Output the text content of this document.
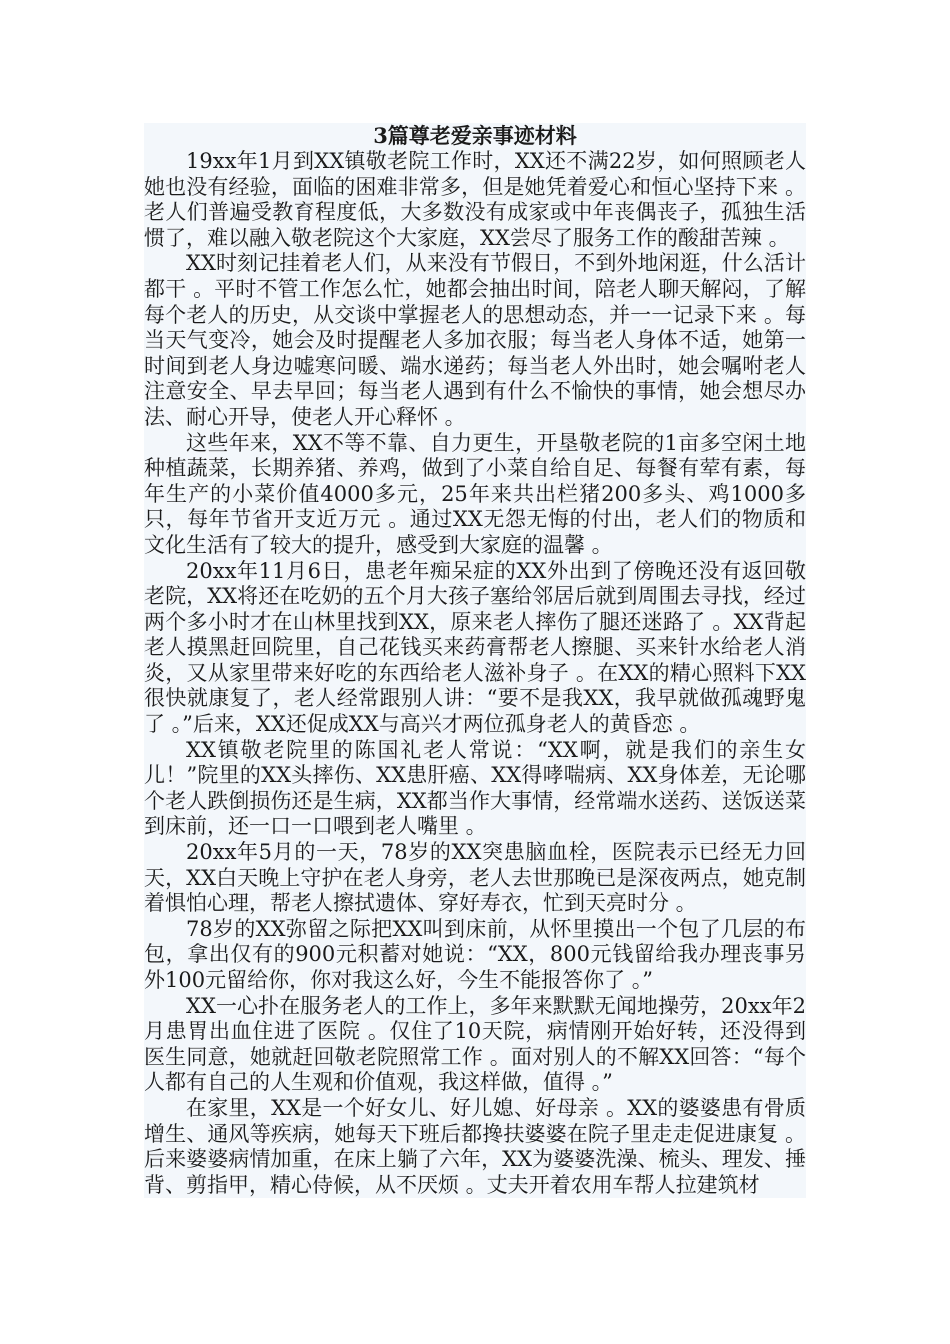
3篇尊老爱亲事迹材料

19xx年1月到XX镇敬老院工作时，XX还不满22岁，如何照顾老人她也没有经验，面临的困难非常多，但是她凭着爱心和恒心坚持下来 。老人们普遍受教育程度低，大多数没有成家或中年丧偶丧子，孤独生活惯了，难以融入敬老院这个大家庭，XX尝尽了服务工作的酸甜苦辣 。

XX时刻记挂着老人们，从来没有节假日，不到外地闲逛，什么活计都干 。平时不管工作怎么忙，她都会抽出时间，陪老人聊天解闷，了解每个老人的历史，从交谈中掌握老人的思想动态，并一一记录下来 。每当天气变冷，她会及时提醒老人多加衣服；每当老人身体不适，她第一时间到老人身边嘘寒问暖、端水递药；每当老人外出时，她会嘱咐老人注意安全、早去早回；每当老人遇到有什么不愉快的事情，她会想尽办法、耐心开导，使老人开心释怀 。

这些年来，XX不等不靠、自力更生，开垦敬老院的1亩多空闲土地种植蔬菜，长期养猪、养鸡，做到了小菜自给自足、每餐有荤有素，每年生产的小菜价值4000多元，25年来共出栏猪200多头、鸡1000多只，每年节省开支近万元 。通过XX无怨无悔的付出，老人们的物质和文化生活有了较大的提升，感受到大家庭的温馨 。

20xx年11月6日，患老年痴呆症的XX外出到了傍晚还没有返回敬老院，XX将还在吃奶的五个月大孩子塞给邻居后就到周围去寻找，经过两个多小时才在山林里找到XX，原来老人摔伤了腿还迷路了 。XX背起老人摸黑赶回院里，自己花钱买来药膏帮老人擦腿、买来针水给老人消炎，又从家里带来好吃的东西给老人滋补身子 。在XX的精心照料下XX很快就康复了，老人经常跟别人讲：“要不是我XX，我早就做孤魂野鬼了 。”后来，XX还促成XX与高兴才两位孤身老人的黄昏恋 。

XX镇敬老院里的陈国礼老人常说：“XX啊，就是我们的亲生女儿！”院里的XX头摔伤、XX患肝癌、XX得哮喘病、XX身体差，无论哪个老人跌倒损伤还是生病，XX都当作大事情，经常端水送药、送饭送菜到床前，还一口一口喂到老人嘴里 。

20xx年5月的一天，78岁的XX突患脑血栓，医院表示已经无力回天，XX白天晚上守护在老人身旁，老人去世那晚已是深夜两点，她克制着惧怕心理，帮老人擦拭遗体、穿好寿衣，忙到天亮时分 。

78岁的XX弥留之际把XX叫到床前，从怀里摸出一个包了几层的布包，拿出仅有的900元积蓄对她说：“XX，800元钱留给我办理丧事另外100元留给你，你对我这么好，今生不能报答你了 。”

XX一心扑在服务老人的工作上，多年来默默无闻地操劳，20xx年2月患胃出血住进了医院 。仅住了10天院，病情刚开始好转，还没得到医生同意，她就赶回敬老院照常工作 。面对别人的不解XX回答：“每个人都有自己的人生观和价值观，我这样做，值得 。”

在家里，XX是一个好女儿、好儿媳、好母亲 。XX的婆婆患有骨质增生、通风等疾病，她每天下班后都搀扶婆婆在院子里走走促进康复 。后来婆婆病情加重，在床上躺了六年，XX为婆婆洗澡、梳头、理发、捶背、剪指甲，精心侍候，从不厌烦 。丈夫开着农用车帮人拉建筑材
